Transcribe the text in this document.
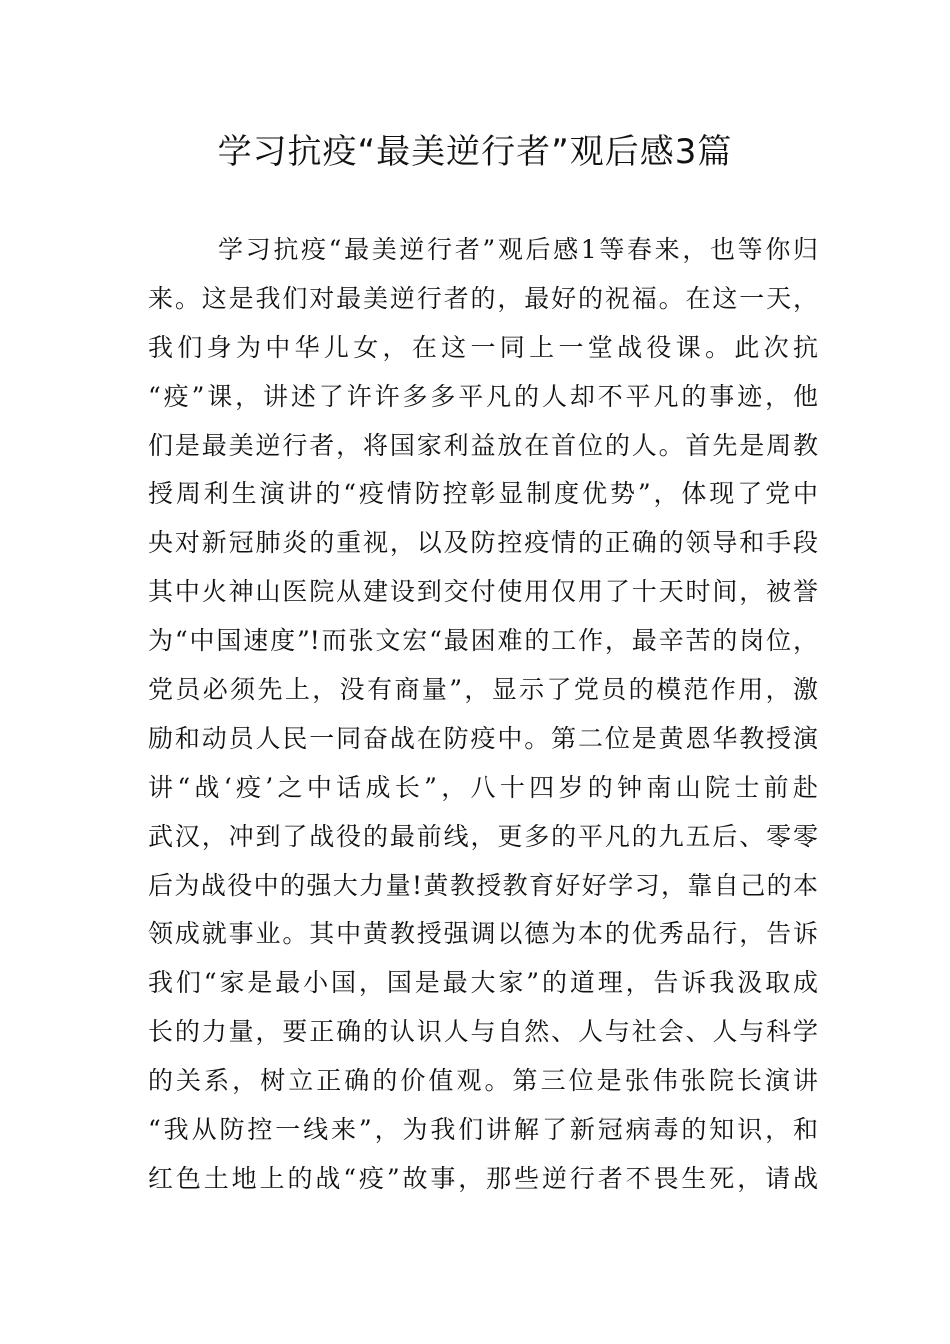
学习抗疫“最美逆行者”观后感3篇
学习抗疫“最美逆行者”观后感1等春来，也等你归
来。这是我们对最美逆行者的，最好的祝福。在这一天，
我们身为中华儿女，在这一同上一堂战役课。此次抗
“疫”课，讲述了许许多多平凡的人却不平凡的事迹，他
们是最美逆行者，将国家利益放在首位的人。首先是周教
授周利生演讲的“疫情防控彰显制度优势”，体现了党中
央对新冠肺炎的重视，以及防控疫情的正确的领导和手段
其中火神山医院从建设到交付使用仅用了十天时间，被誉
为“中国速度”!而张文宏“最困难的工作，最辛苦的岗位，
党员必须先上，没有商量”，显示了党员的模范作用，激
励和动员人民一同奋战在防疫中。第二位是黄恩华教授演
讲“战‘疫’之中话成长”，八十四岁的钟南山院士前赴
武汉，冲到了战役的最前线，更多的平凡的九五后、零零
后为战役中的强大力量!黄教授教育好好学习，靠自己的本
领成就事业。其中黄教授强调以德为本的优秀品行，告诉
我们“家是最小国，国是最大家”的道理，告诉我汲取成
长的力量，要正确的认识人与自然、人与社会、人与科学
的关系，树立正确的价值观。第三位是张伟张院长演讲
“我从防控一线来”，为我们讲解了新冠病毒的知识，和
红色土地上的战“疫”故事，那些逆行者不畏生死，请战
